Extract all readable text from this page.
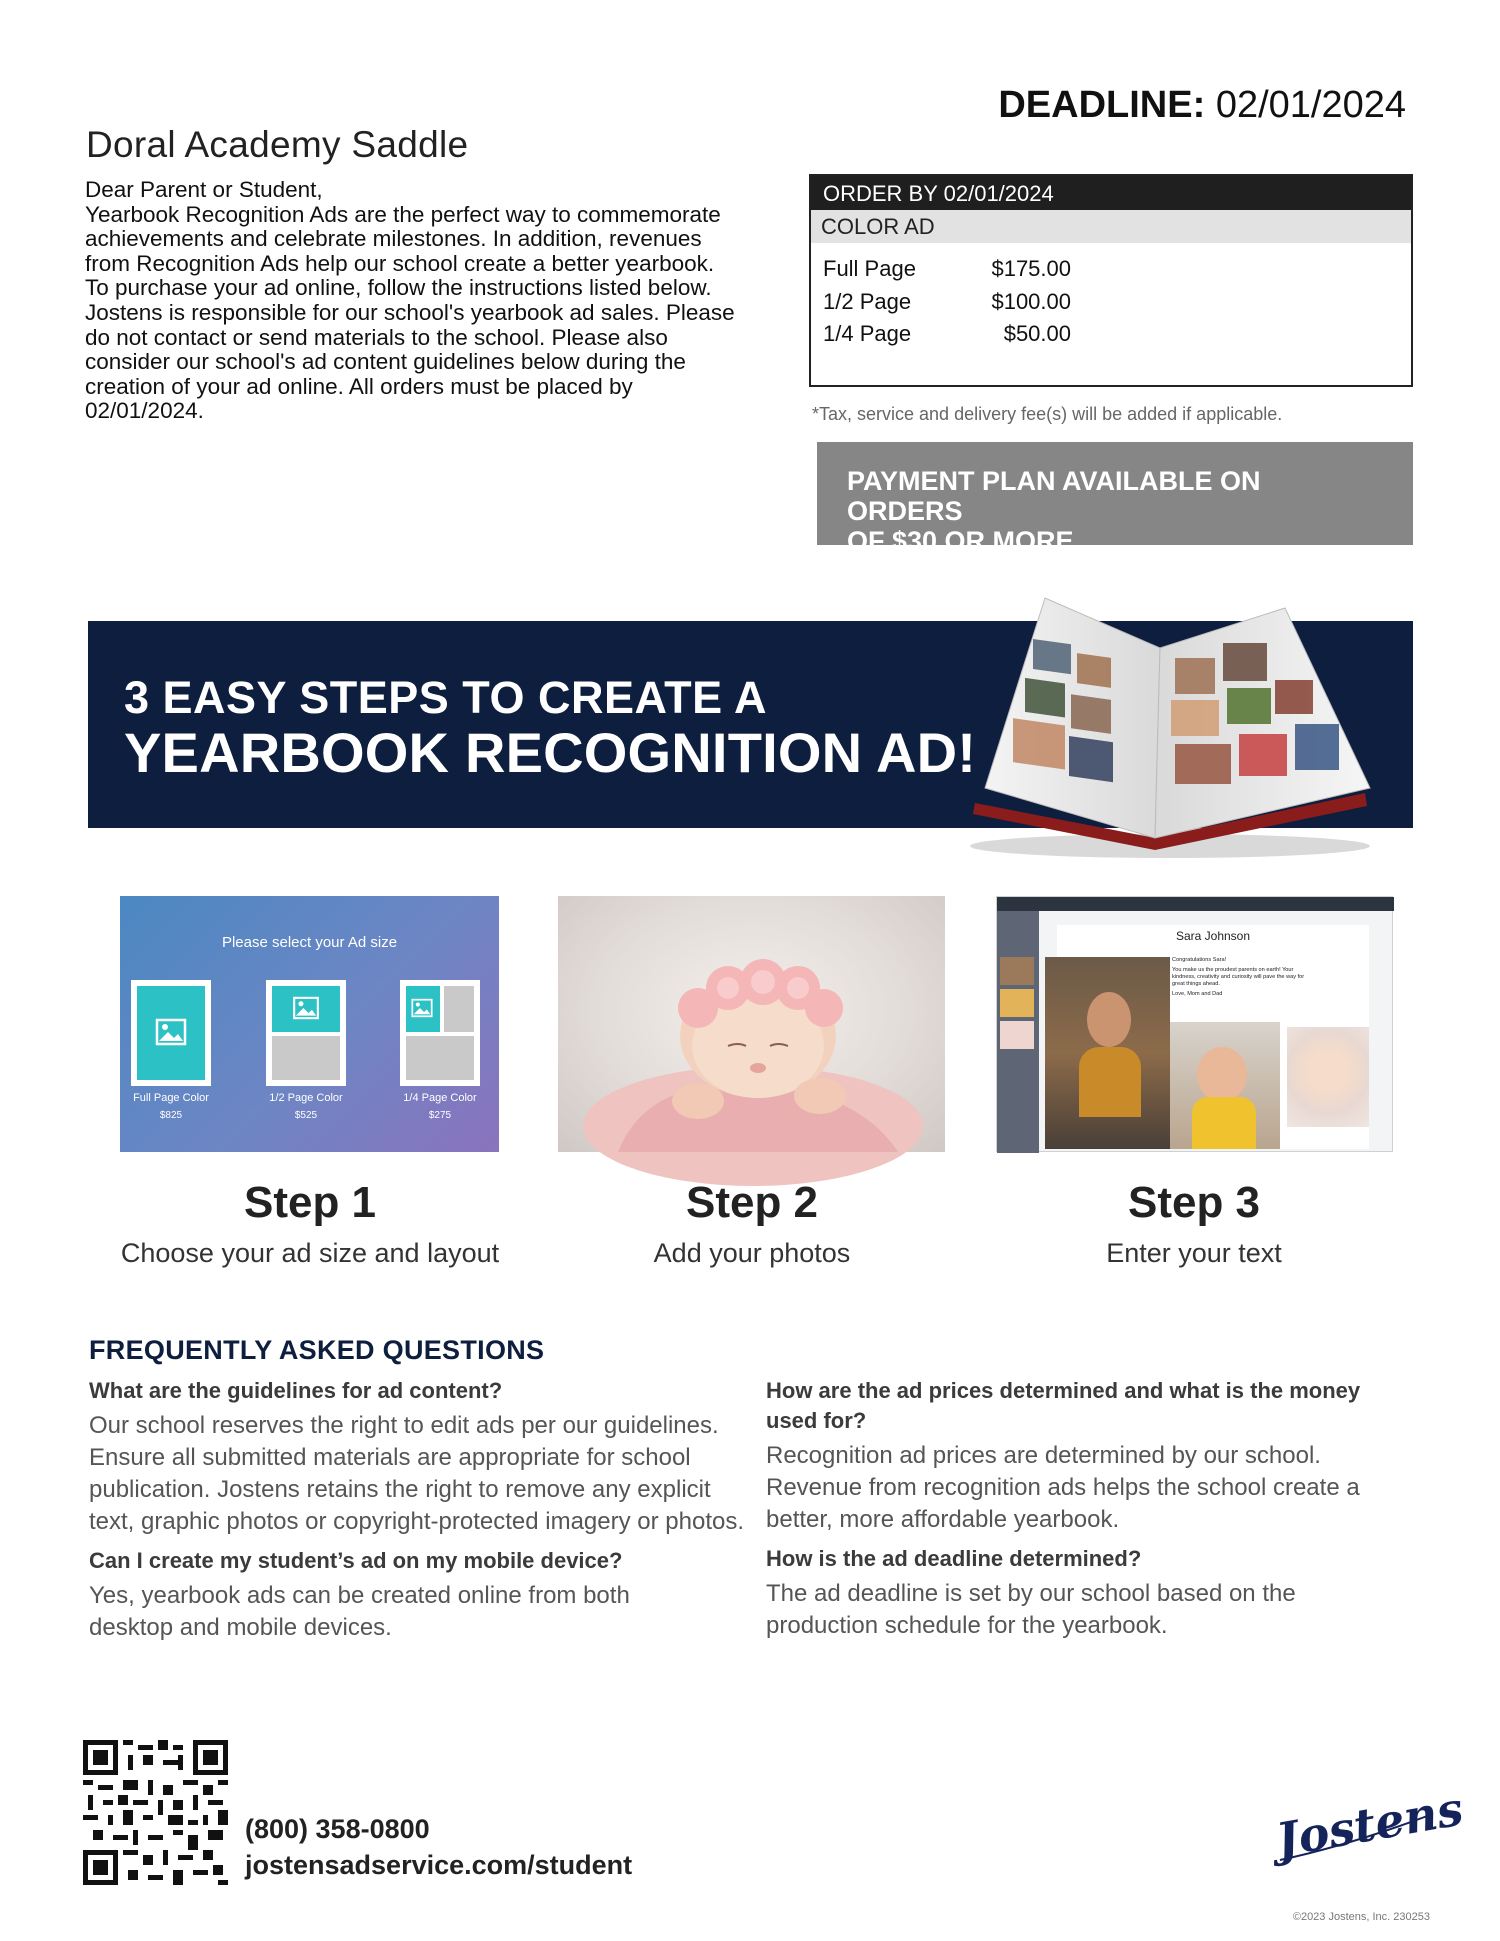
Doral Academy Saddle

Dear Parent or Student,

Yearbook Recognition Ads are the perfect way to commemorate

achievements and celebrate milestones. In addition, revenues

from Recognition Ads help our school create a better yearbook.

To purchase your ad online, follow the instructions listed below.

Jostens is responsible for our school's yearbook ad sales. Please

do not contact or send materials to the school. Please also

consider our school's ad content guidelines below during the

creation of your ad online. All orders must be placed by

02/01/2024.

DEADLINE: 02/01/2024
ORDER BY 02/01/2024
COLOR AD
Full Page	$175.00
1/2 Page	$100.00
1/4 Page	$50.00
*Tax, service and delivery fee(s) will be added if applicable.
PAYMENT PLAN AVAILABLE ON ORDERS
OF $30 OR MORE.
3 EASY STEPS TO CREATE A
YEARBOOK RECOGNITION AD!
Please select your Ad size
Full Page Color
$825
1/2 Page Color
$525
1/4 Page Color
$275
Sara Johnson
Congratulations Sara!
You make us the proudest parents on earth! Your
kindness, creativity and curiosity will pave the way for
great things ahead.
Love, Mom and Dad
Step 1
Choose your ad size and layout
Step 2
Add your photos
Step 3
Enter your text
FREQUENTLY ASKED QUESTIONS

What are the guidelines for ad content?

Our school reserves the right to edit ads per our guidelines. Ensure all submitted materials are appropriate for school publication. Jostens retains the right to remove any explicit text, graphic photos or copyright-protected imagery or photos.

Can I create my student’s ad on my mobile device?

Yes, yearbook ads can be created online from both desktop and mobile devices.

How are the ad prices determined and what is the money used for?

Recognition ad prices are determined by our school. Revenue from recognition ads helps the school create a better, more affordable yearbook.

How is the ad deadline determined?

The ad deadline is set by our school based on the production schedule for the yearbook.

(800) 358-0800
jostensadservice.com/student	Jostens
©2023 Jostens, Inc. 230253
